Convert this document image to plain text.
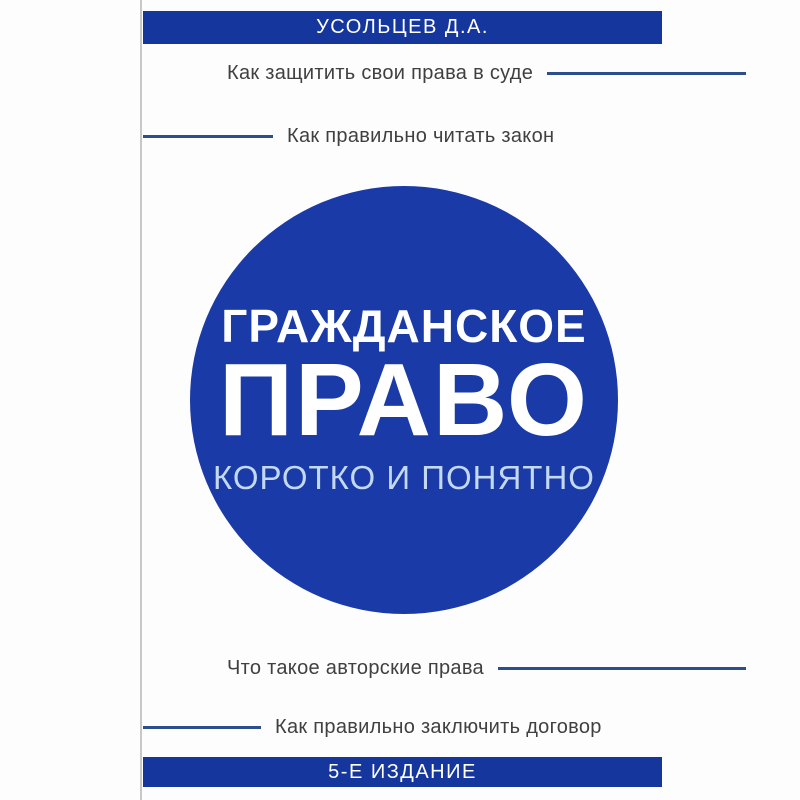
УСОЛЬЦЕВ Д.А.
Как защитить свои права в суде
Как правильно читать закон
ГРАЖДАНСКОЕ
ПРАВО
КОРОТКО И ПОНЯТНО
Что такое авторские права
Как правильно заключить договор
5-Е ИЗДАНИЕ
